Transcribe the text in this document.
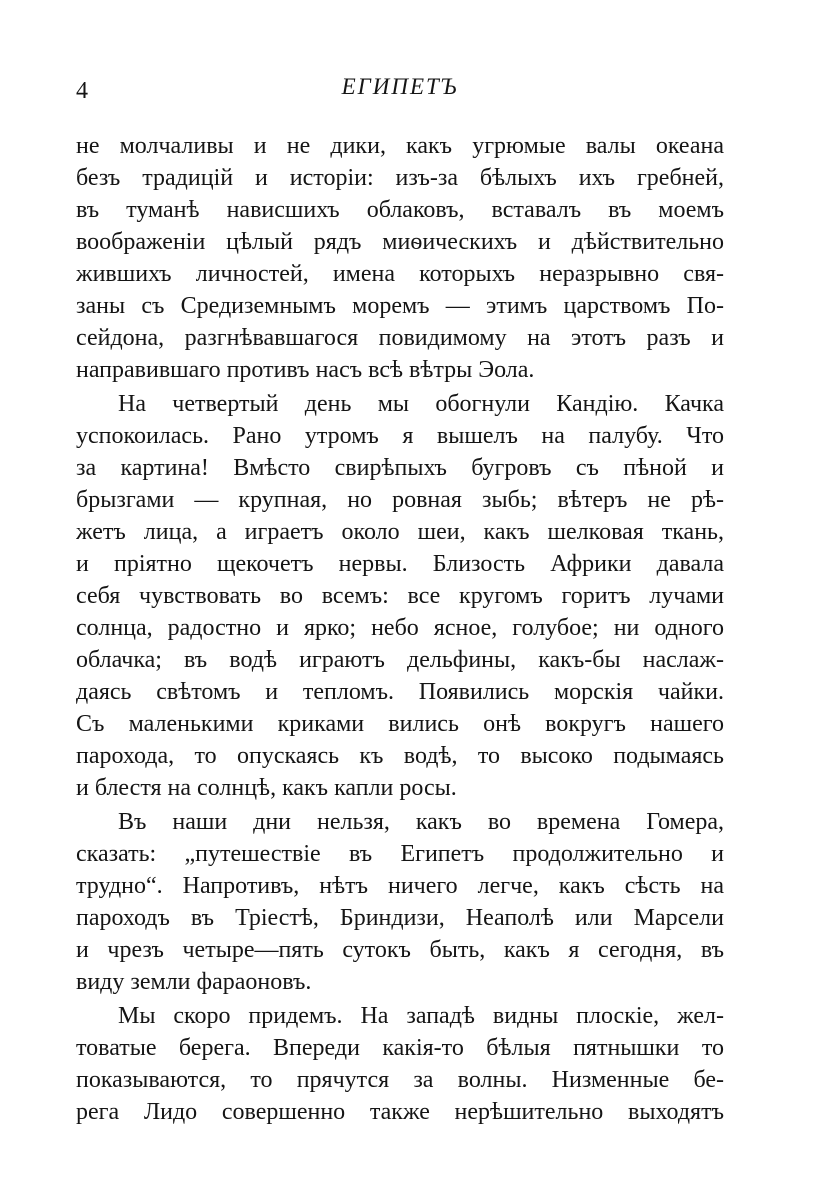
4	ЕГИПЕТЪ
не молчаливы и не дики, какъ угрюмые валы океана
безъ традицій и исторіи: изъ-за бѣлыхъ ихъ гребней,
въ туманѣ нависшихъ облаковъ, вставалъ въ моемъ
воображеніи цѣлый рядъ миѳическихъ и дѣйствительно
жившихъ личностей, имена которыхъ неразрывно свя-
заны съ Средиземнымъ моремъ — этимъ царствомъ По-
сейдона, разгнѣвавшагося повидимому на этотъ разъ и
направившаго противъ насъ всѣ вѣтры Эола.
На четвертый день мы обогнули Кандію. Качка
успокоилась. Рано утромъ я вышелъ на палубу. Что
за картина! Вмѣсто свирѣпыхъ бугровъ съ пѣной и
брызгами — крупная, но ровная зыбь; вѣтеръ не рѣ-
жетъ лица, а играетъ около шеи, какъ шелковая ткань,
и пріятно щекочетъ нервы. Близость Африки давала
себя чувствовать во всемъ: все кругомъ горитъ лучами
солнца, радостно и ярко; небо ясное, голубое; ни одного
облачка; въ водѣ играютъ дельфины, какъ-бы наслаж-
даясь свѣтомъ и тепломъ. Появились морскія чайки.
Съ маленькими криками вились онѣ вокругъ нашего
парохода, то опускаясь къ водѣ, то высоко подымаясь
и блестя на солнцѣ, какъ капли росы.
Въ наши дни нельзя, какъ во времена Гомера,
сказать: „путешествіе въ Египетъ продолжительно и
трудно“. Напротивъ, нѣтъ ничего легче, какъ сѣсть на
пароходъ въ Тріестѣ, Бриндизи, Неаполѣ или Марсели
и чрезъ четыре—пять сутокъ быть, какъ я сегодня, въ
виду земли фараоновъ.
Мы скоро придемъ. На западѣ видны плоскіе, жел-
товатые берега. Впереди какія-то бѣлыя пятнышки то
показываются, то прячутся за волны. Низменные бе-
рега Лидо совершенно также нерѣшительно выходятъ
